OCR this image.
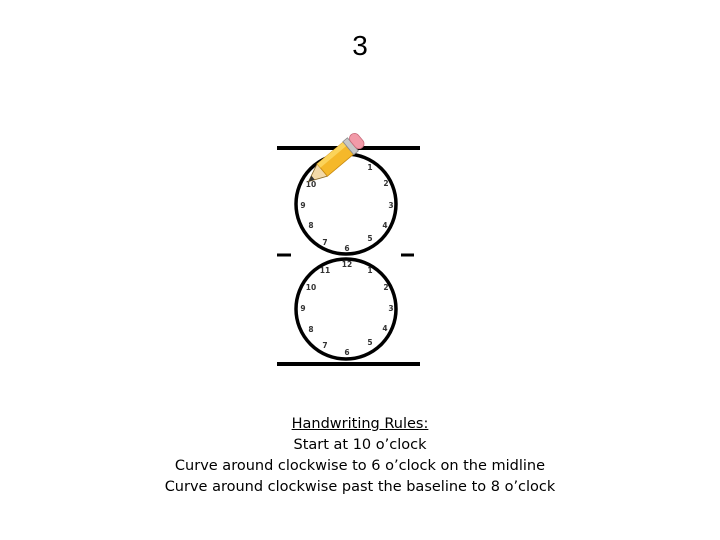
3
1
2
3
4
5
6
7
8
9
10
12
1
2
3
4
5
6
7
8
9
10
11
Handwriting Rules:
Start at 10 o’clock
Curve around clockwise to 6 o’clock on the midline
Curve around clockwise past the baseline to 8 o’clock
